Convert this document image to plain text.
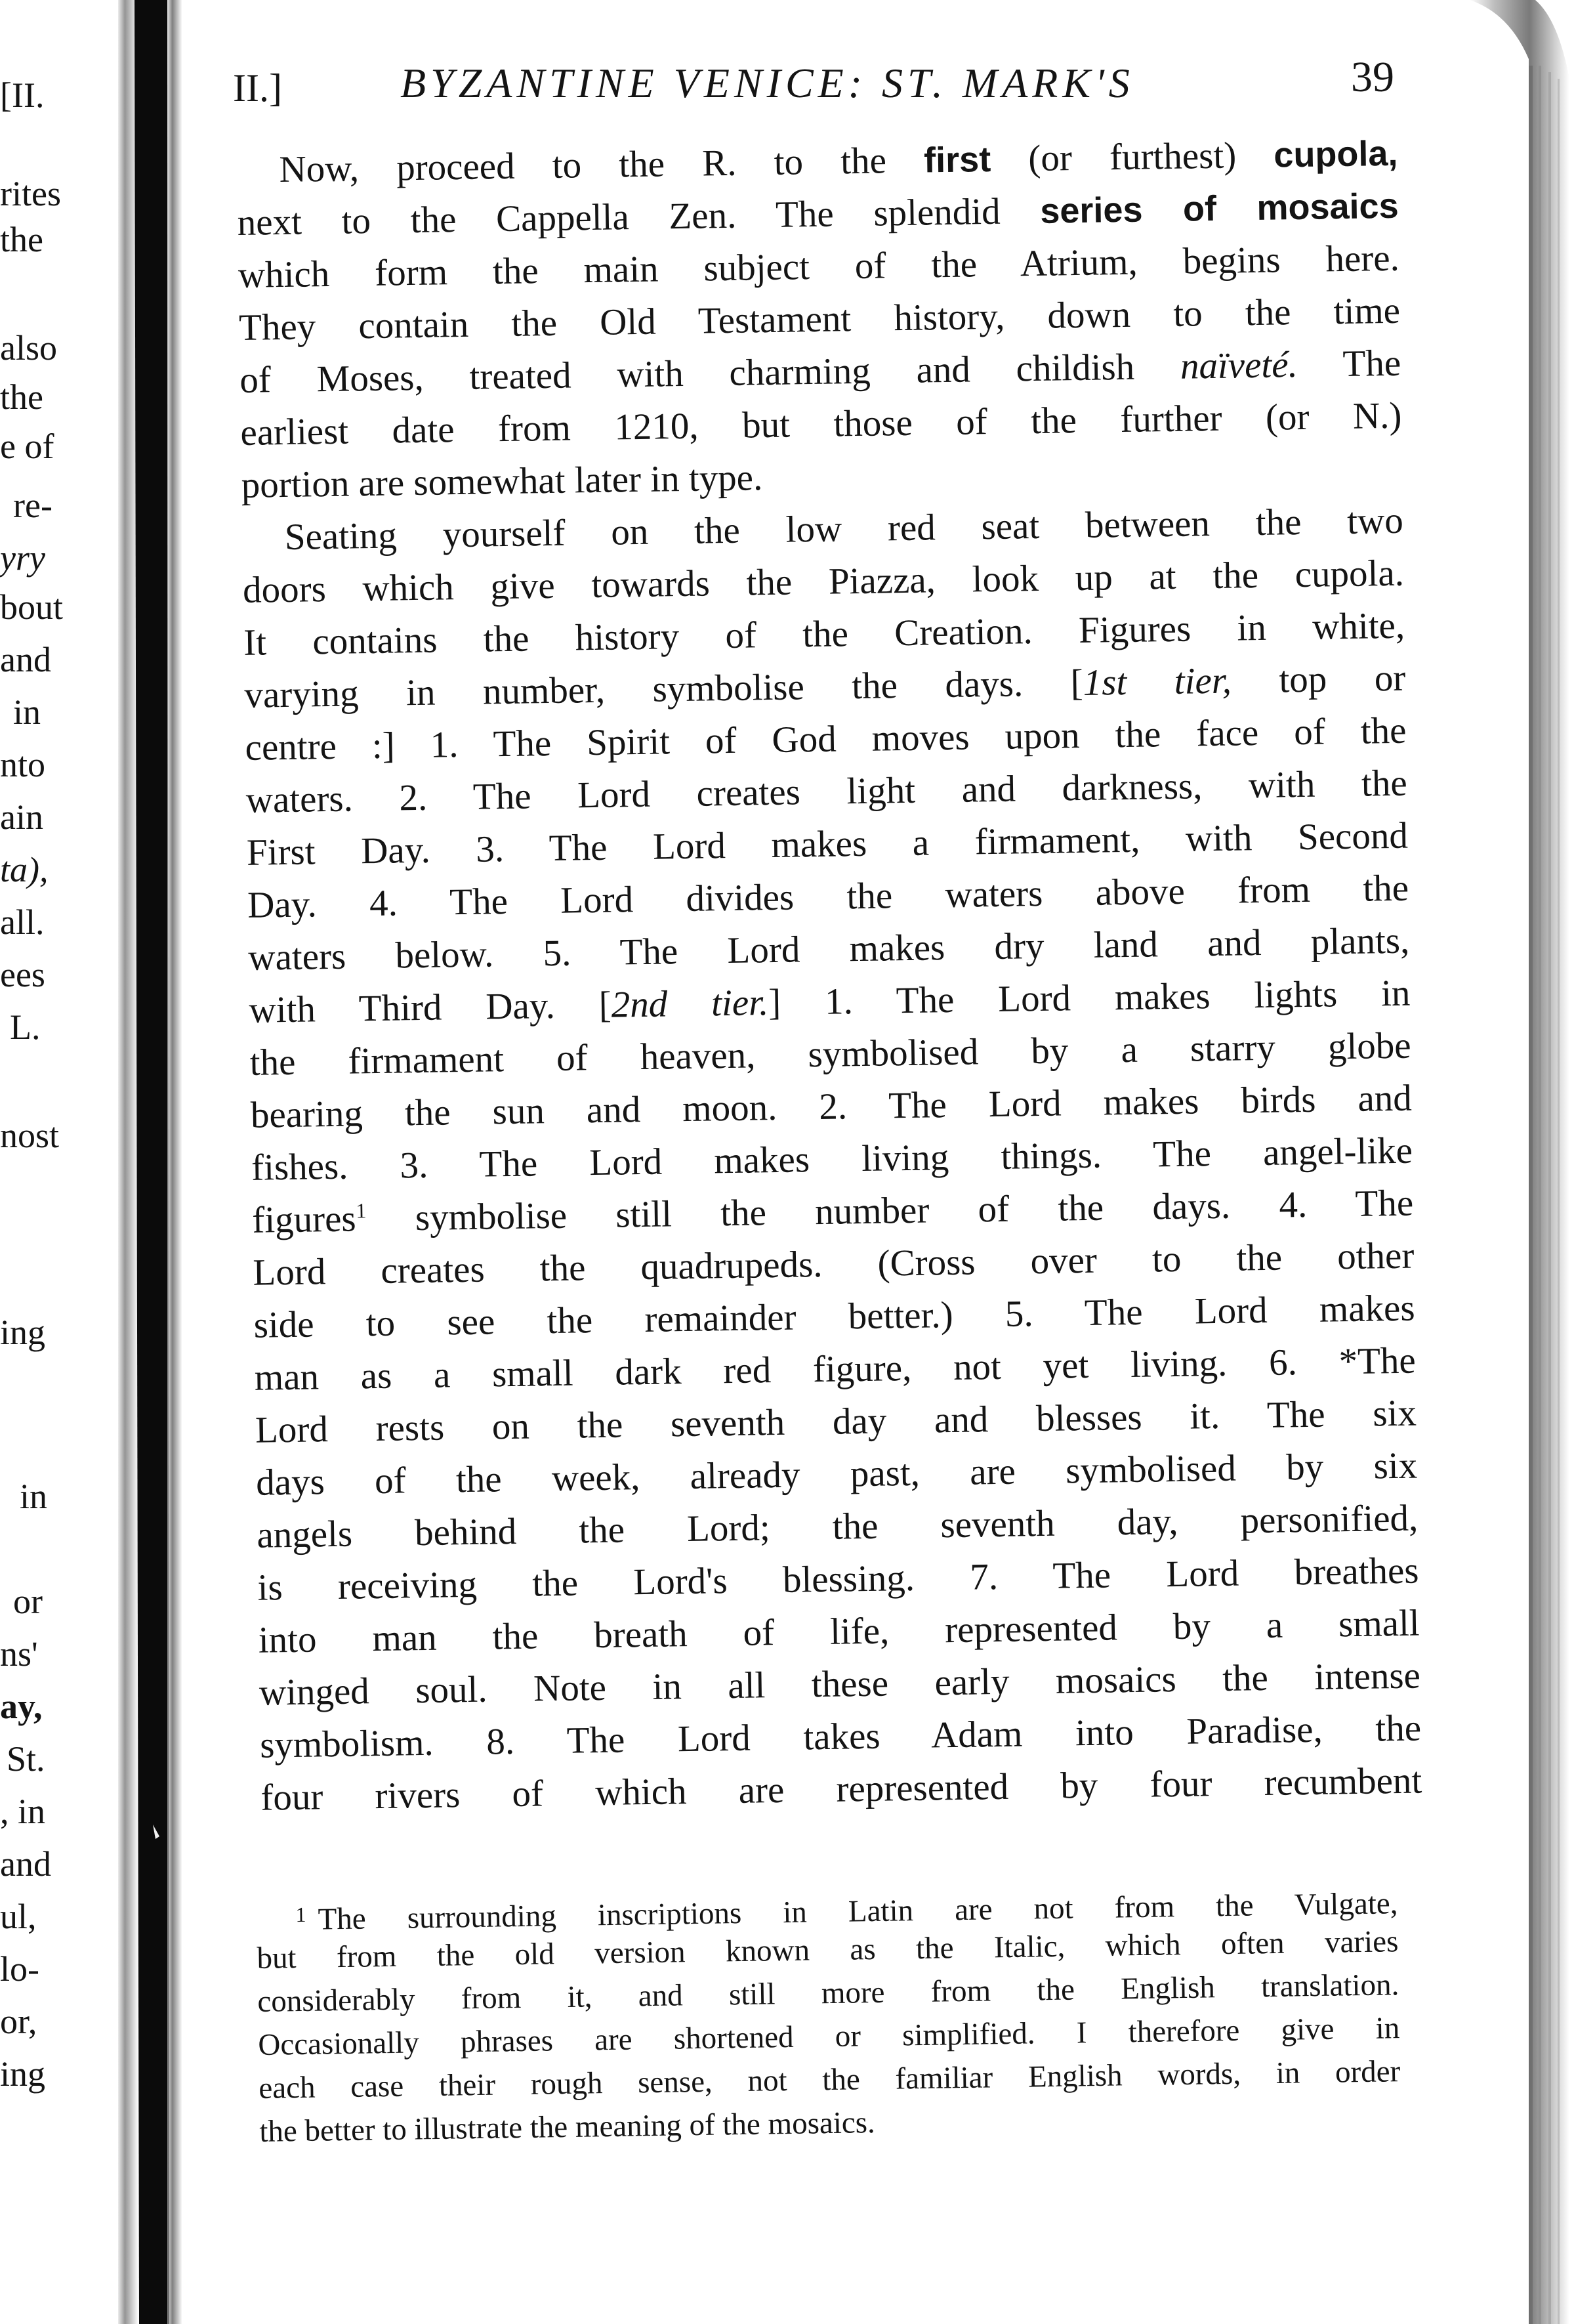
[II.
rites
the
also
the
e of
re-
yry
bout
and
in
nto
ain
ta),
all.
ees
L.
nost
ing
in
or
ns'
ay,
St.
, in
and
ul,
lo-
or,
ing
II.]	BYZANTINE VENICE: ST. MARK'S	39
Now, proceed to the R. to the first (or furthest) cupola,
next to the Cappella Zen. The splendid series of mosaics
which form the main subject of the Atrium, begins here.
They contain the Old Testament history, down to the time
of Moses, treated with charming and childish naïveté. The
earliest date from 1210, but those of the further (or N.)
portion are somewhat later in type.
Seating yourself on the low red seat between the two
doors which give towards the Piazza, look up at the cupola.
It contains the history of the Creation. Figures in white,
varying in number, symbolise the days. [1st tier, top or
centre :] 1. The Spirit of God moves upon the face of the
waters. 2. The Lord creates light and darkness, with the
First Day. 3. The Lord makes a firmament, with Second
Day. 4. The Lord divides the waters above from the
waters below. 5. The Lord makes dry land and plants,
with Third Day. [2nd tier.] 1. The Lord makes lights in
the firmament of heaven, symbolised by a starry globe
bearing the sun and moon. 2. The Lord makes birds and
fishes. 3. The Lord makes living things. The angel-like
figures$^1$ symbolise still the number of the days. 4. The
Lord creates the quadrupeds. (Cross over to the other
side to see the remainder better.) 5. The Lord makes
man as a small dark red figure, not yet living. 6. *The
Lord rests on the seventh day and blesses it. The six
days of the week, already past, are symbolised by six
angels behind the Lord; the seventh day, personified,
is receiving the Lord's blessing. 7. The Lord breathes
into man the breath of life, represented by a small
winged soul. Note in all these early mosaics the intense
symbolism. 8. The Lord takes Adam into Paradise, the
four rivers of which are represented by four recumbent
$^1$ The surrounding inscriptions in Latin are not from the Vulgate,
but from the old version known as the Italic, which often varies
considerably from it, and still more from the English translation.
Occasionally phrases are shortened or simplified. I therefore give in
each case their rough sense, not the familiar English words, in order
the better to illustrate the meaning of the mosaics.
